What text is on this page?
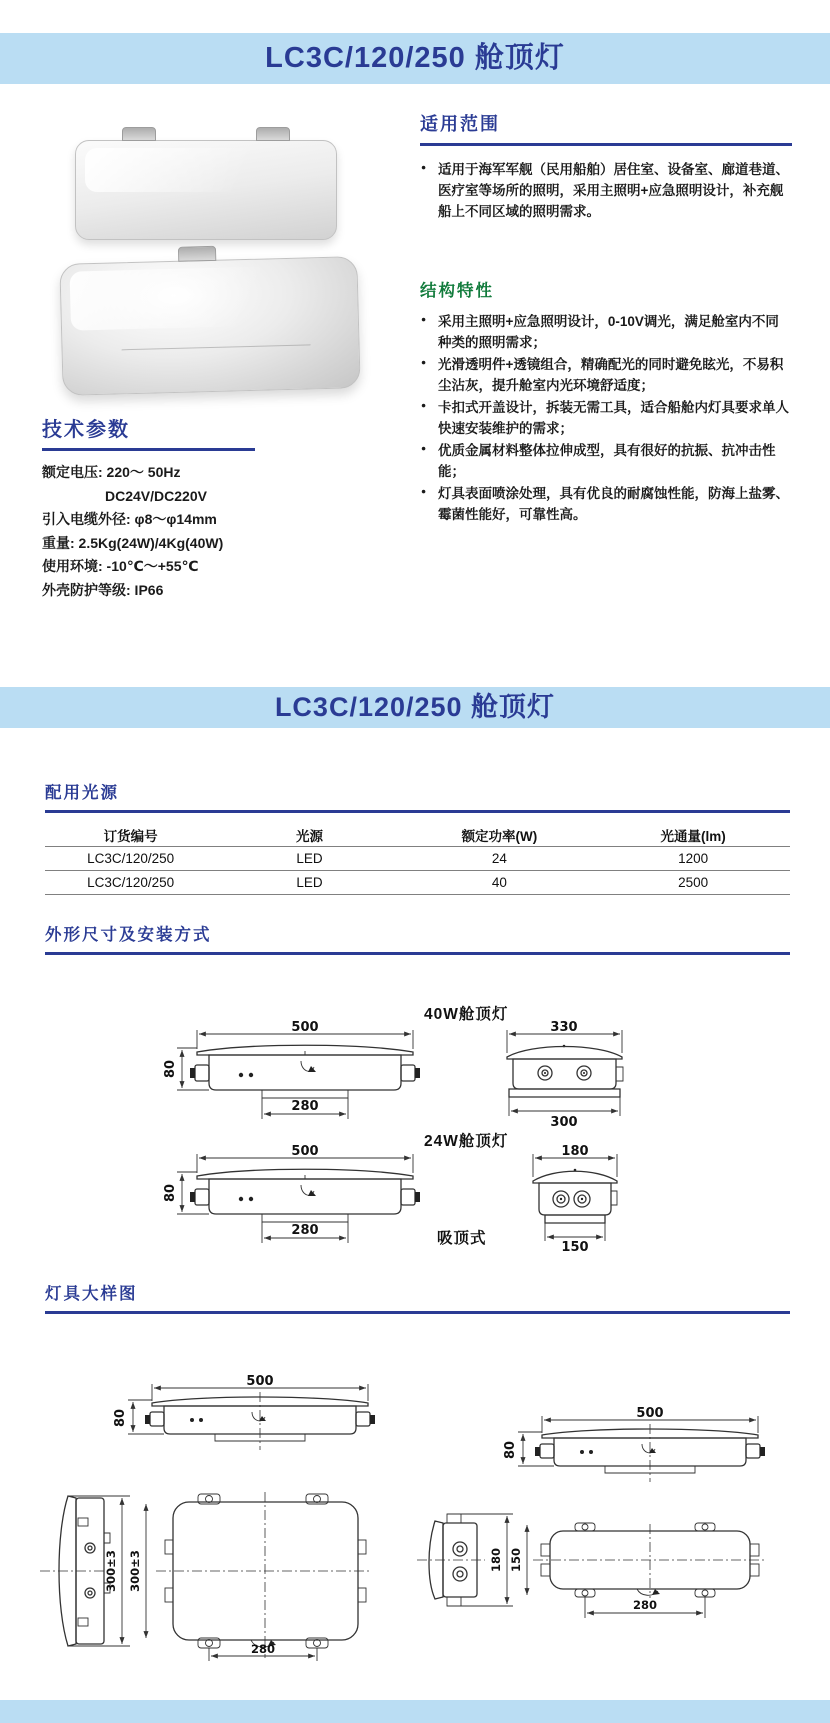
LC3C/120/250 舱顶灯
适用范围
● 适用于海军军舰（民用船舶）居住室、设备室、廊道巷道、医疗室等场所的照明，采用主照明+应急照明设计，补充舰船上不同区域的照明需求。
结构特性
● 采用主照明+应急照明设计，0-10V调光，满足舱室内不同种类的照明需求；
● 光滑透明件+透镜组合，精确配光的同时避免眩光，不易积尘沾灰，提升舱室内光环境舒适度；
● 卡扣式开盖设计，拆装无需工具，适合船舱内灯具要求单人快速安装维护的需求；
● 优质金属材料整体拉伸成型，具有很好的抗振、抗冲击性能；
● 灯具表面喷涂处理，具有优良的耐腐蚀性能，防海上盐雾、霉菌性能好，可靠性高。
技术参数
额定电压: 220～ 50Hz
DC24V/DC220V
引入电缆外径: φ8～φ14mm
重量: 2.5Kg(24W)/4Kg(40W)
使用环境: -10℃～+55℃
外壳防护等级: IP66
LC3C/120/250 舱顶灯
配用光源
订货编号	光源	额定功率(W)	光通量(lm)
LC3C/120/250	LED	24	1200
LC3C/120/250	LED	40	2500
外形尺寸及安装方式
40W舱顶灯
500
280
80
330
300
24W舱顶灯
500
280
80
180
150
吸顶式
灯具大样图
500
80	500
80
300±3 300±3
280
180 150
280
